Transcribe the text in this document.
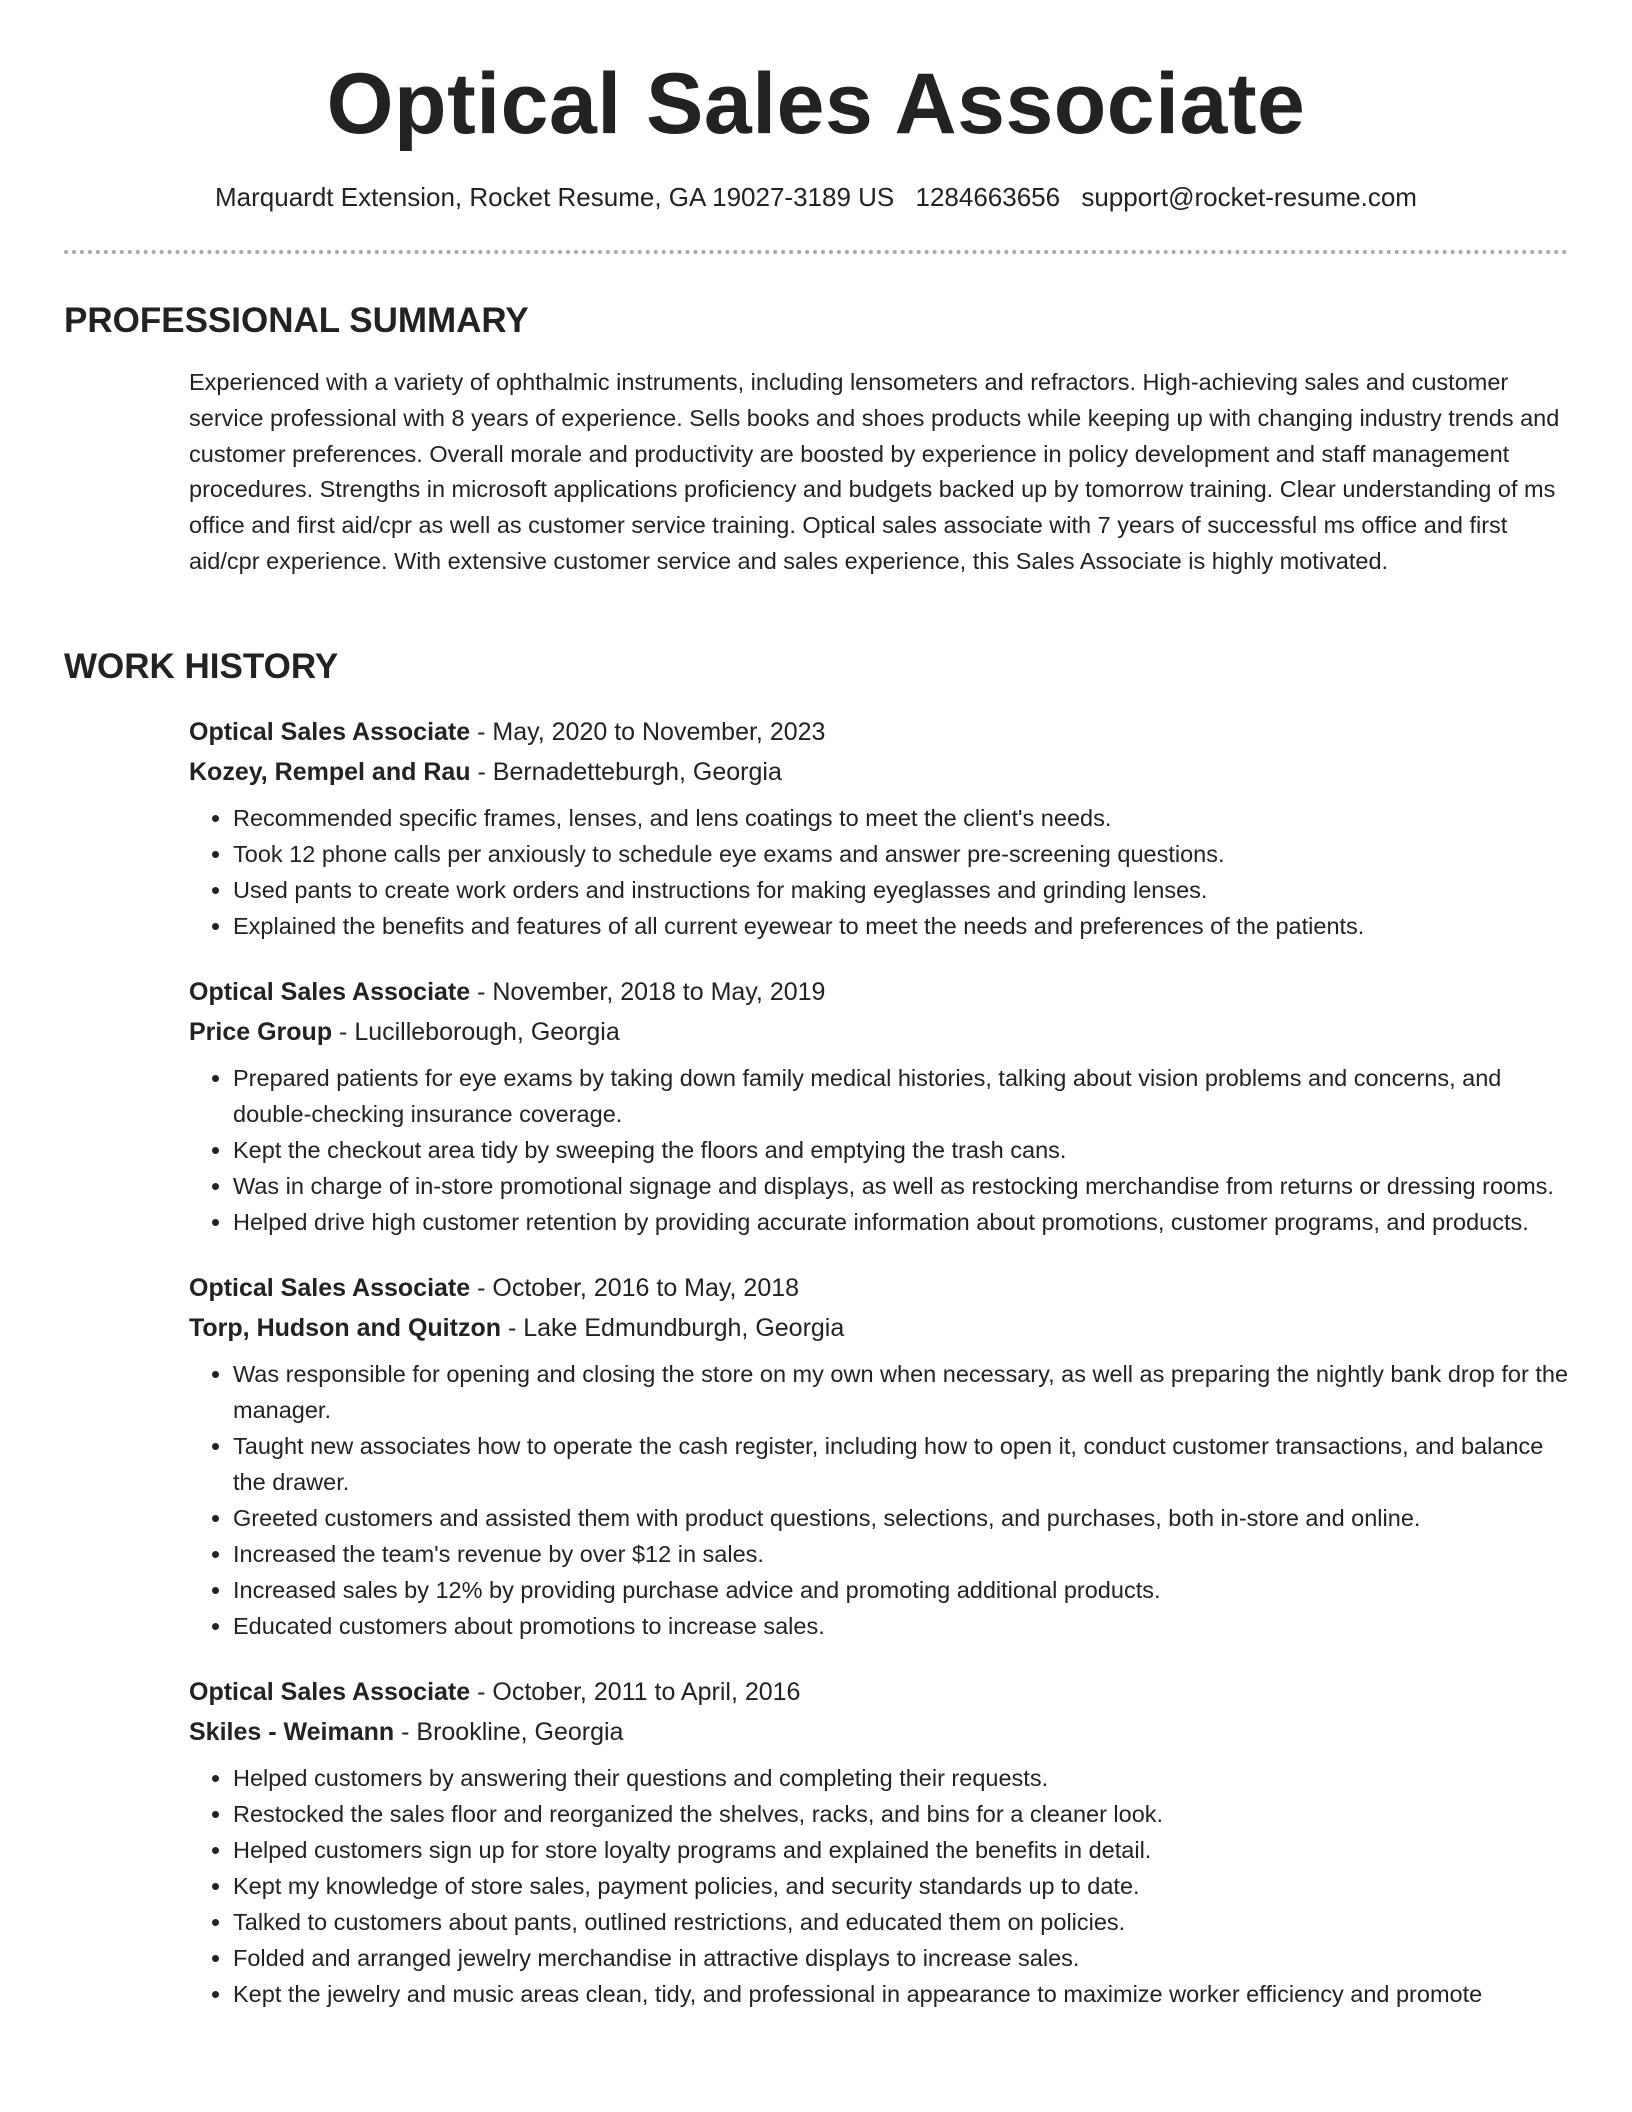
Optical Sales Associate
Marquardt Extension, Rocket Resume, GA 19027-3189 US 1284663656 support@rocket-resume.com
PROFESSIONAL SUMMARY
Experienced with a variety of ophthalmic instruments, including lensometers and refractors. High-achieving sales and customer service professional with 8 years of experience. Sells books and shoes products while keeping up with changing industry trends and customer preferences. Overall morale and productivity are boosted by experience in policy development and staff management procedures. Strengths in microsoft applications proficiency and budgets backed up by tomorrow training. Clear understanding of ms office and first aid/cpr as well as customer service training. Optical sales associate with 7 years of successful ms office and first aid/cpr experience. With extensive customer service and sales experience, this Sales Associate is highly motivated.
WORK HISTORY
Optical Sales Associate - May, 2020 to November, 2023
Kozey, Rempel and Rau - Bernadetteburgh, Georgia
• Recommended specific frames, lenses, and lens coatings to meet the client's needs.
• Took 12 phone calls per anxiously to schedule eye exams and answer pre-screening questions.
• Used pants to create work orders and instructions for making eyeglasses and grinding lenses.
• Explained the benefits and features of all current eyewear to meet the needs and preferences of the patients.
Optical Sales Associate - November, 2018 to May, 2019
Price Group - Lucilleborough, Georgia
• Prepared patients for eye exams by taking down family medical histories, talking about vision problems and concerns, and double-checking insurance coverage.
• Kept the checkout area tidy by sweeping the floors and emptying the trash cans.
• Was in charge of in-store promotional signage and displays, as well as restocking merchandise from returns or dressing rooms.
• Helped drive high customer retention by providing accurate information about promotions, customer programs, and products.
Optical Sales Associate - October, 2016 to May, 2018
Torp, Hudson and Quitzon - Lake Edmundburgh, Georgia
• Was responsible for opening and closing the store on my own when necessary, as well as preparing the nightly bank drop for the manager.
• Taught new associates how to operate the cash register, including how to open it, conduct customer transactions, and balance the drawer.
• Greeted customers and assisted them with product questions, selections, and purchases, both in-store and online.
• Increased the team's revenue by over $12 in sales.
• Increased sales by 12% by providing purchase advice and promoting additional products.
• Educated customers about promotions to increase sales.
Optical Sales Associate - October, 2011 to April, 2016
Skiles - Weimann - Brookline, Georgia
• Helped customers by answering their questions and completing their requests.
• Restocked the sales floor and reorganized the shelves, racks, and bins for a cleaner look.
• Helped customers sign up for store loyalty programs and explained the benefits in detail.
• Kept my knowledge of store sales, payment policies, and security standards up to date.
• Talked to customers about pants, outlined restrictions, and educated them on policies.
• Folded and arranged jewelry merchandise in attractive displays to increase sales.
• Kept the jewelry and music areas clean, tidy, and professional in appearance to maximize worker efficiency and promote
